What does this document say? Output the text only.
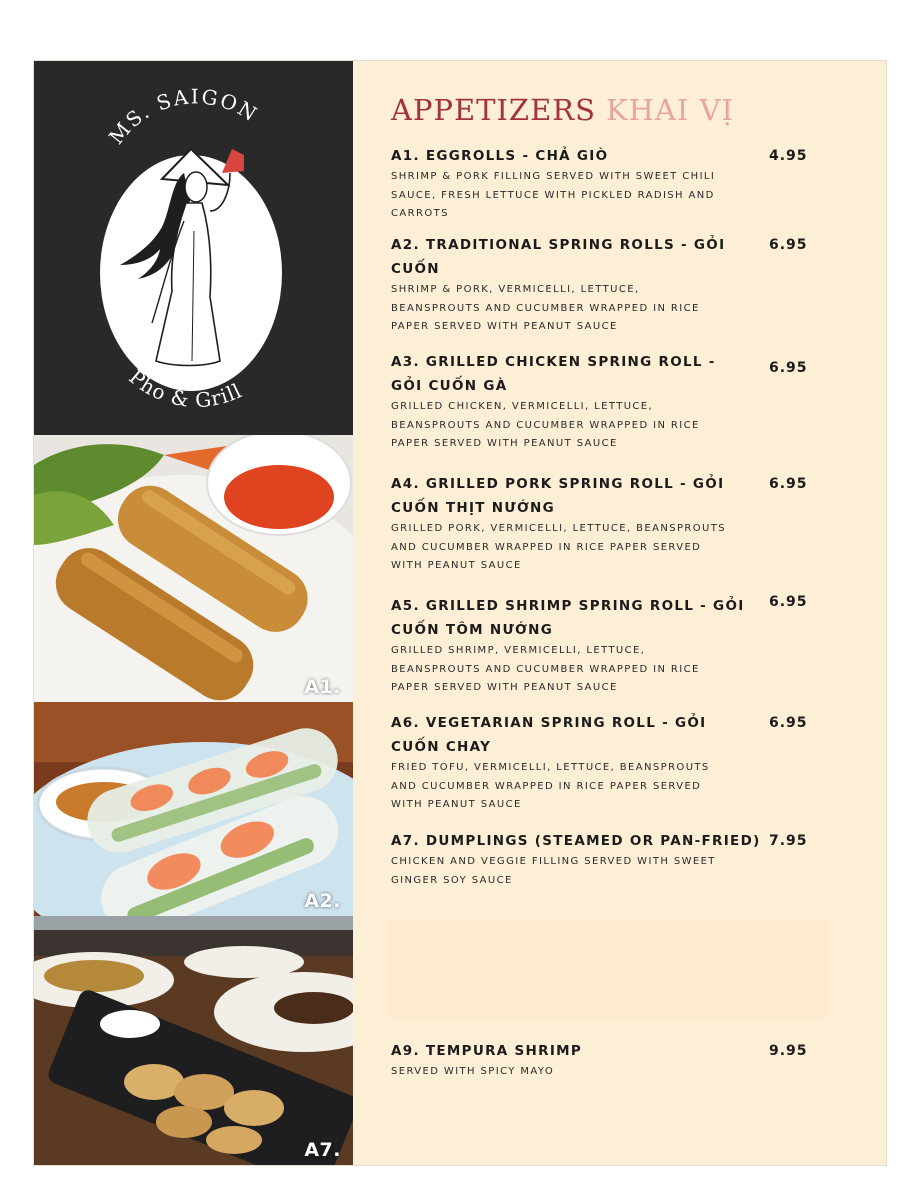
MS. SAIGON
Pho & Grill
A1.
A2.
A7.
APPETIZERS KHAI VỊ
A1. EGGROLLS - CHẢ GIÒ	4.95
SHRIMP & PORK FILLING SERVED WITH SWEET CHILI SAUCE, FRESH LETTUCE WITH PICKLED RADISH AND CARROTS
A2. TRADITIONAL SPRING ROLLS - GỎI CUỐN
6.95
SHRIMP & PORK, VERMICELLI, LETTUCE, BEANSPROUTS AND CUCUMBER WRAPPED IN RICE PAPER SERVED WITH PEANUT SAUCE
A3. GRILLED CHICKEN SPRING ROLL - GỎI CUỐN GÀ
6.95
GRILLED CHICKEN, VERMICELLI, LETTUCE, BEANSPROUTS AND CUCUMBER WRAPPED IN RICE PAPER SERVED WITH PEANUT SAUCE
A4. GRILLED PORK SPRING ROLL - GỎI CUỐN THỊT NƯỚNG
6.95
GRILLED PORK, VERMICELLI, LETTUCE, BEANSPROUTS AND CUCUMBER WRAPPED IN RICE PAPER SERVED WITH PEANUT SAUCE
A5. GRILLED SHRIMP SPRING ROLL - GỎI CUỐN TÔM NƯỚNG
6.95
GRILLED SHRIMP, VERMICELLI, LETTUCE, BEANSPROUTS AND CUCUMBER WRAPPED IN RICE PAPER SERVED WITH PEANUT SAUCE
A6. VEGETARIAN SPRING ROLL - GỎI CUỐN CHAY
6.95
FRIED TOFU, VERMICELLI, LETTUCE, BEANSPROUTS AND CUCUMBER WRAPPED IN RICE PAPER SERVED WITH PEANUT SAUCE
A7. DUMPLINGS (STEAMED OR PAN-FRIED) 7.95
CHICKEN AND VEGGIE FILLING SERVED WITH SWEET GINGER SOY SAUCE
A9. TEMPURA SHRIMP	9.95
SERVED WITH SPICY MAYO
